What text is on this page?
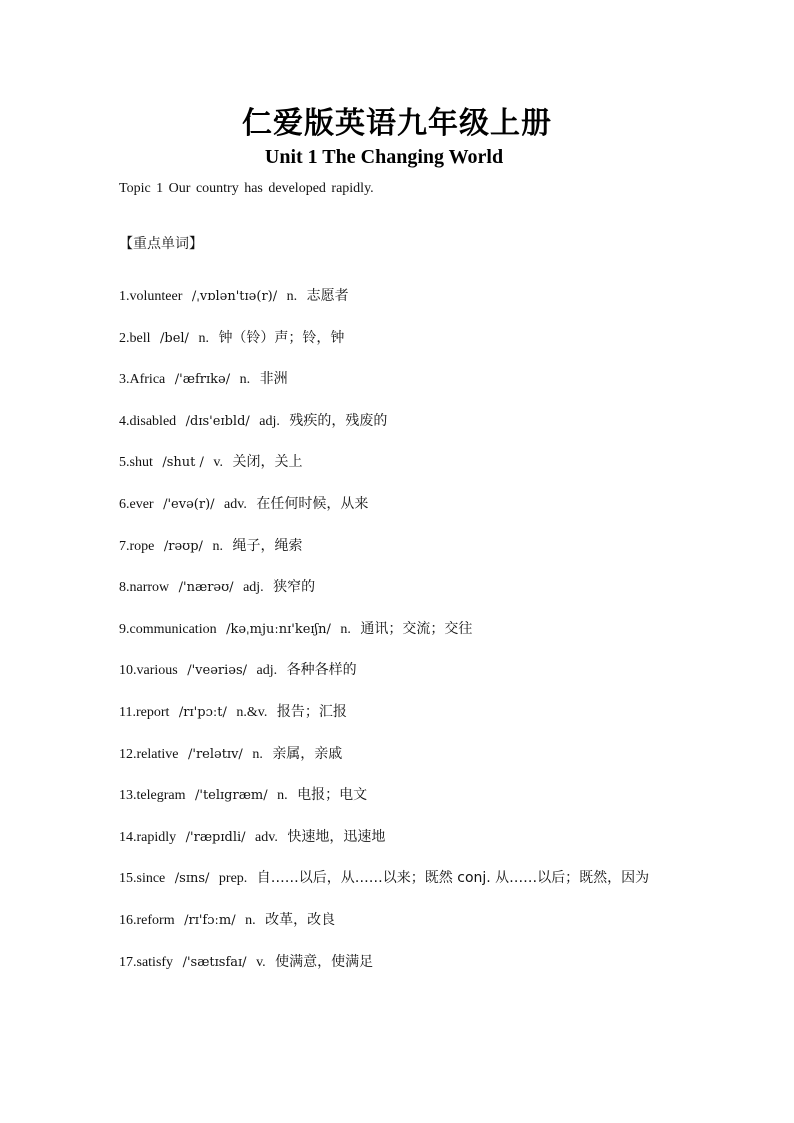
仁爱版英语九年级上册
Unit 1 The Changing World
Topic 1 Our country has developed rapidly.
【重点单词】
1.volunteer /ˌvɒlən'tɪə(r)/ n. 志愿者
2.bell /bel/ n. 钟（铃）声；铃，钟
3.Africa /'æfrɪkə/ n. 非洲
4.disabled /dɪs'eɪbld/ adj. 残疾的，残废的
5.shut /shut / v. 关闭，关上
6.ever /'evə(r)/ adv. 在任何时候，从来
7.rope /rəʊp/ n. 绳子，绳索
8.narrow /'nærəʊ/ adj. 狭窄的
9.communication /kəˌmjuːnɪ'keɪʃn/ n. 通讯；交流；交往
10.various /'veəriəs/ adj. 各种各样的
11.report /rɪ'pɔːt/ n.&v. 报告；汇报
12.relative /'relətɪv/ n. 亲属，亲戚
13.telegram /'telɪgræm/ n. 电报；电文
14.rapidly /'ræpɪdli/ adv. 快速地，迅速地
15.since /sɪns/ prep. 自……以后，从……以来；既然 conj. 从……以后；既然，因为
16.reform /rɪ'fɔːm/ n. 改革，改良
17.satisfy /'sætɪsfaɪ/ v. 使满意，使满足
